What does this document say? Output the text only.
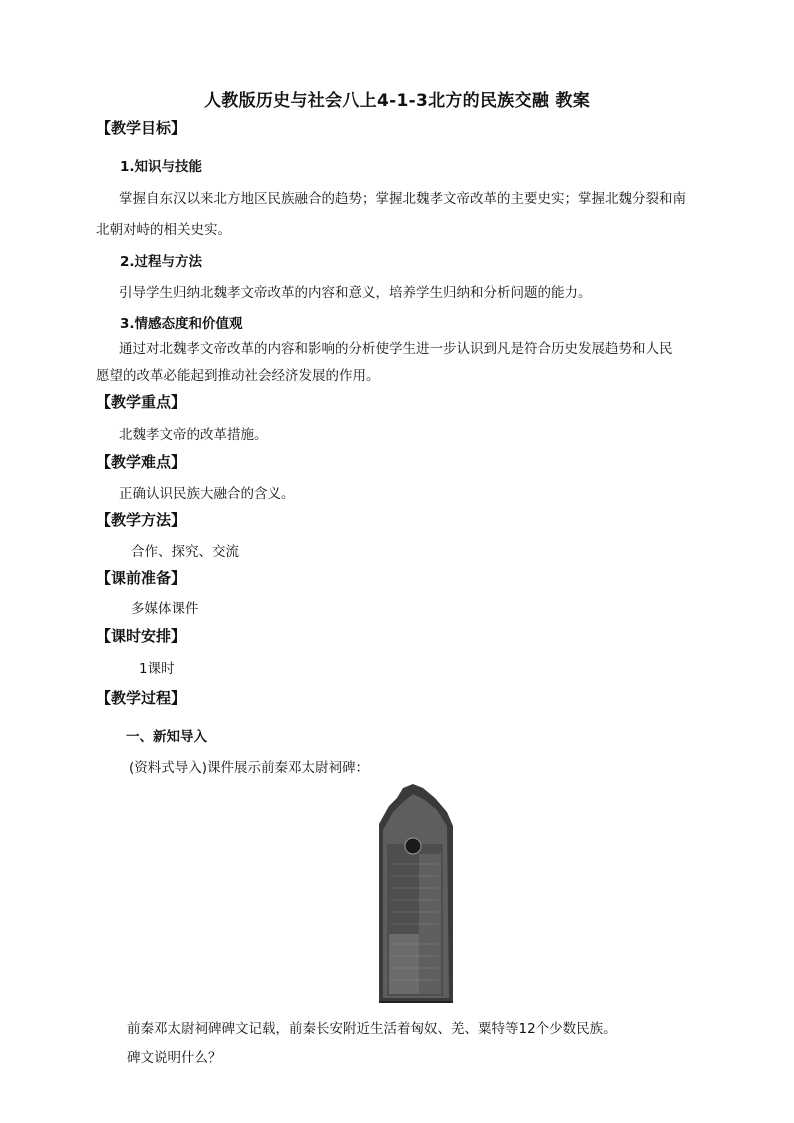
人教版历史与社会八上4-1-3北方的民族交融 教案
【教学目标】
1.知识与技能
掌握自东汉以来北方地区民族融合的趋势；掌握北魏孝文帝改革的主要史实；掌握北魏分裂和南
北朝对峙的相关史实。
2.过程与方法
引导学生归纳北魏孝文帝改革的内容和意义，培养学生归纳和分析问题的能力。
3.情感态度和价值观
通过对北魏孝文帝改革的内容和影响的分析使学生进一步认识到凡是符合历史发展趋势和人民
愿望的改革必能起到推动社会经济发展的作用。
【教学重点】
北魏孝文帝的改革措施。
【教学难点】
正确认识民族大融合的含义。
【教学方法】
合作、探究、交流
【课前准备】
多媒体课件
【课时安排】
1课时
【教学过程】
一、新知导入
(资料式导入)课件展示前秦邓太尉祠碑：
前秦邓太尉祠碑碑文记载，前秦长安附近生活着匈奴、羌、粟特等12个少数民族。
碑文说明什么？
